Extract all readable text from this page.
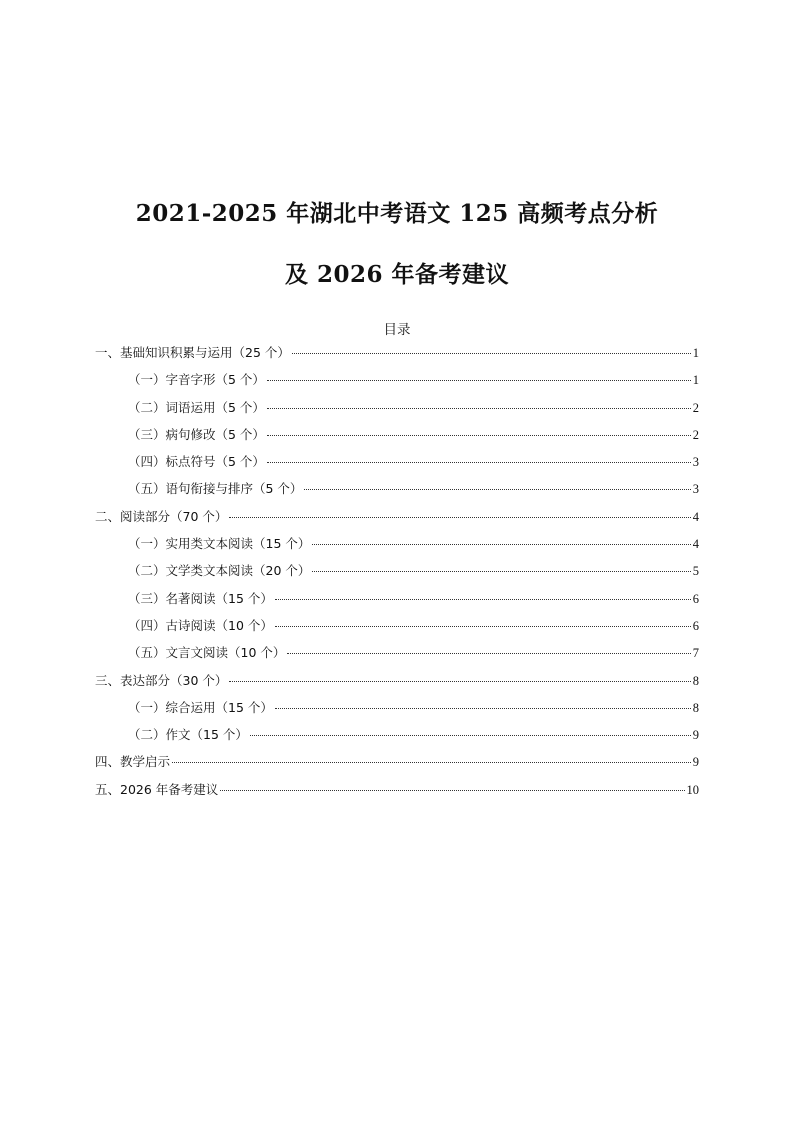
2021-2025 年湖北中考语文 125 高频考点分析
及 2026 年备考建议
目录
一、基础知识积累与运用（25 个）	1
（一）字音字形（5 个）	1
（二）词语运用（5 个）	2
（三）病句修改（5 个）	2
（四）标点符号（5 个）	3
（五）语句衔接与排序（5 个）	3
二、阅读部分（70 个）	4
（一）实用类文本阅读（15 个）	4
（二）文学类文本阅读（20 个）	5
（三）名著阅读（15 个）	6
（四）古诗阅读（10 个）	6
（五）文言文阅读（10 个）	7
三、表达部分（30 个）	8
（一）综合运用（15 个）	8
（二）作文（15 个）	9
四、教学启示	9
五、2026 年备考建议	10
